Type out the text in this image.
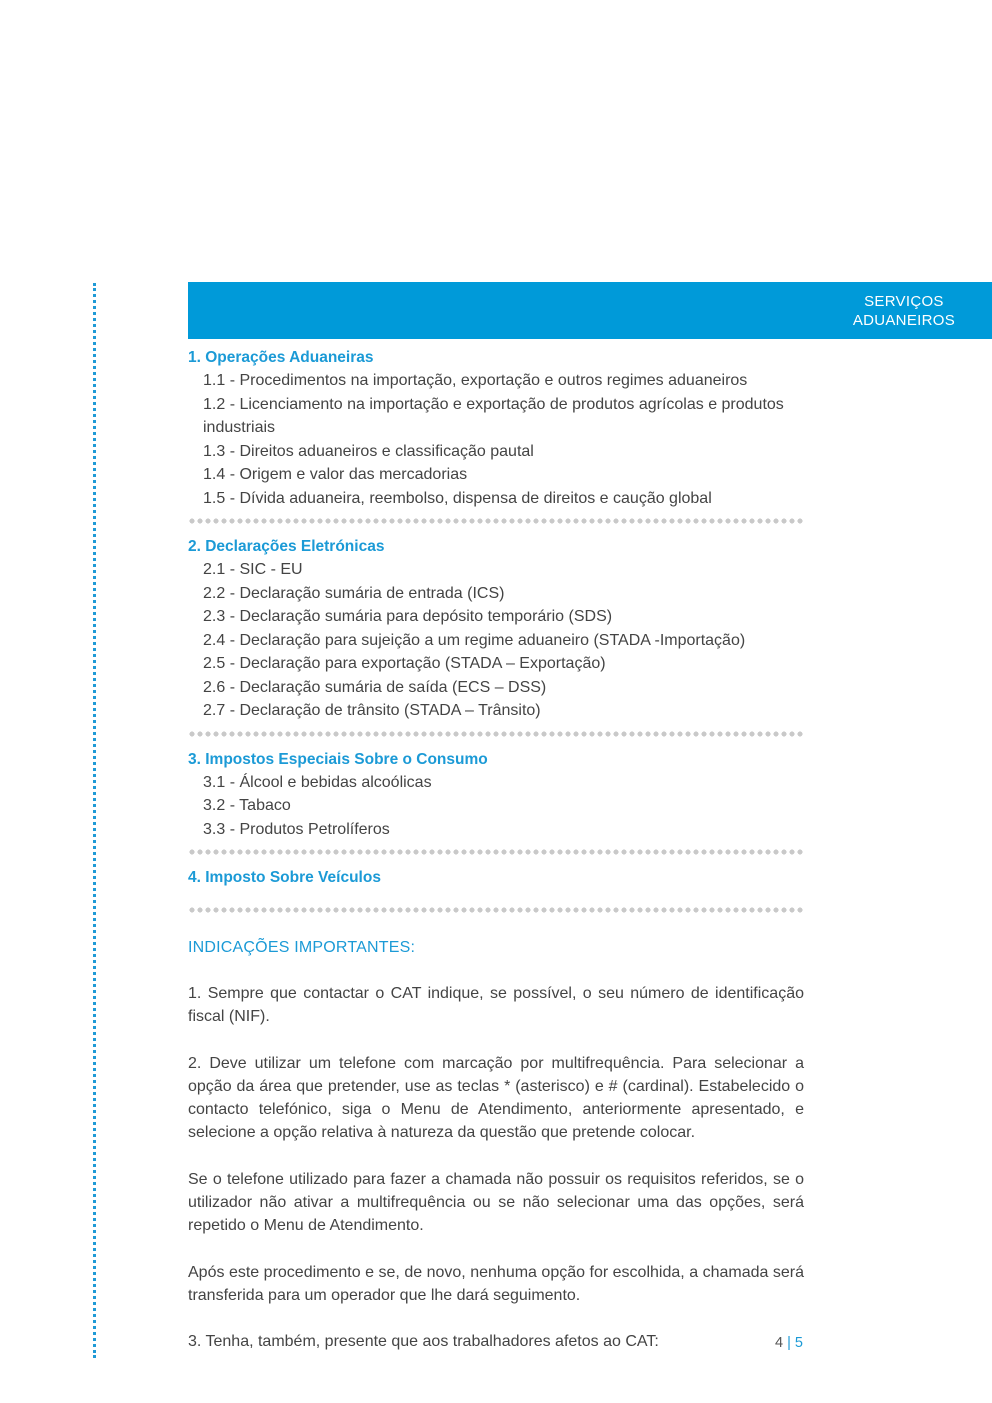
SERVIÇOS
ADUANEIROS
1. Operações Aduaneiras
1.1 - Procedimentos na importação, exportação e outros regimes aduaneiros
1.2 - Licenciamento na importação e exportação de produtos agrícolas e produtos
industriais
1.3 - Direitos aduaneiros e classificação pautal
1.4 - Origem e valor das mercadorias
1.5 - Dívida aduaneira, reembolso, dispensa de direitos e caução global
2. Declarações Eletrónicas
2.1 - SIC - EU
2.2 - Declaração sumária de entrada (ICS)
2.3 - Declaração sumária para depósito temporário (SDS)
2.4 - Declaração para sujeição a um regime aduaneiro (STADA -Importação)
2.5 - Declaração para exportação (STADA – Exportação)
2.6 - Declaração sumária de saída (ECS – DSS)
2.7 - Declaração de trânsito (STADA – Trânsito)
3. Impostos Especiais Sobre o Consumo
3.1 - Álcool e bebidas alcoólicas
3.2 - Tabaco
3.3 - Produtos Petrolíferos
4. Imposto Sobre Veículos
INDICAÇÕES IMPORTANTES:

1. Sempre que contactar o CAT indique, se possível, o seu número de identificação fiscal (NIF).

2. Deve utilizar um telefone com marcação por multifrequência. Para selecionar a opção da área que pretender, use as teclas * (asterisco) e # (cardinal). Estabelecido o contacto telefónico, siga o Menu de Atendimento, anteriormente apresentado, e selecione a opção relativa à natureza da questão que pretende colocar.

Se o telefone utilizado para fazer a chamada não possuir os requisitos referidos, se o utilizador não ativar a multifrequência ou se não selecionar uma das opções, será repetido o Menu de Atendimento.

Após este procedimento e se, de novo, nenhuma opção for escolhida, a chamada será transferida para um operador que lhe dará seguimento.

3. Tenha, também, presente que aos trabalhadores afetos ao CAT:	4 | 5
